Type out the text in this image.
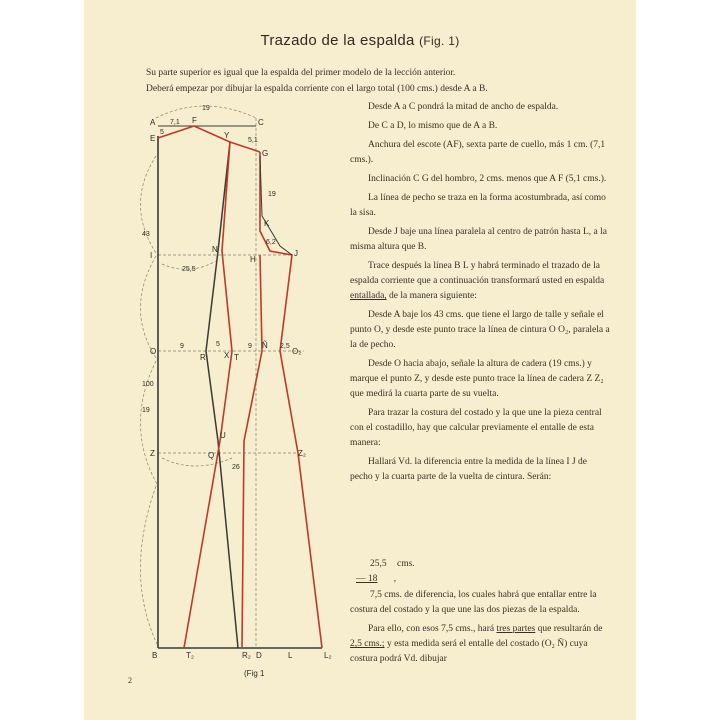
Trazado de la espalda (Fig. 1)
Su parte superior es igual que la espalda del primer modelo de la lección anterior.
Deberá empezar por dibujar la espalda corriente con el largo total (100 cms.) desde A a B.
A	F
Y
C
E
G
K
N
H
J
I
O
R X T
Ñ
O₂
U
Q
Z	Z₂
B	T₂	R₂ D	L	L₂
19
7,1
5
5,1
19
43
25,5
6,2
9	9	2,5
5
26
100
19
(Fig 1

Desde A a C pondrá la mitad de ancho de espalda.

De C a D, lo mismo que de A a B.

Anchura del escote (AF), sexta parte de cuello, más 1 cm. (7,1 cms.).

Inclinación C G del hombro, 2 cms. menos que A F (5,1 cms.).

La línea de pecho se traza en la forma acostumbrada, así como la sisa.

Desde J baje una línea paralela al centro de patrón hasta L, a la misma altura que B.

Trace después la línea B L y habrá terminado el trazado de la espalda corriente que a continuación transformará usted en espalda entallada, de la manera siguiente:

Desde A baje los 43 cms. que tiene el largo de talle y señale el punto O, y desde este punto trace la línea de cintura O O₂, paralela a la de pecho.

Desde O hacia abajo, señale la altura de cadera (19 cms.) y marque el punto Z, y desde este punto trace la línea de cadera Z Z₂ que medirá la cuarta parte de su vuelta.

Para trazar la costura del costado y la que une la pieza central con el costadillo, hay que calcular previamente el entalle de esta manera:

Hallará Vd. la diferencia entre la medida de la línea I J de pecho y la cuarta parte de la vuelta de cintura. Serán:

25,5 cms.
— 18 ,

7,5 cms. de diferencia, los cuales habrá que entallar entre la costura del costado y la que une las dos piezas de la espalda.

Para ello, con esos 7,5 cms., hará tres partes que resultarán de 2,5 cms.; y esta medida será el entalle del costado (O₂ Ñ) cuya costura podrá Vd. dibujar

2
